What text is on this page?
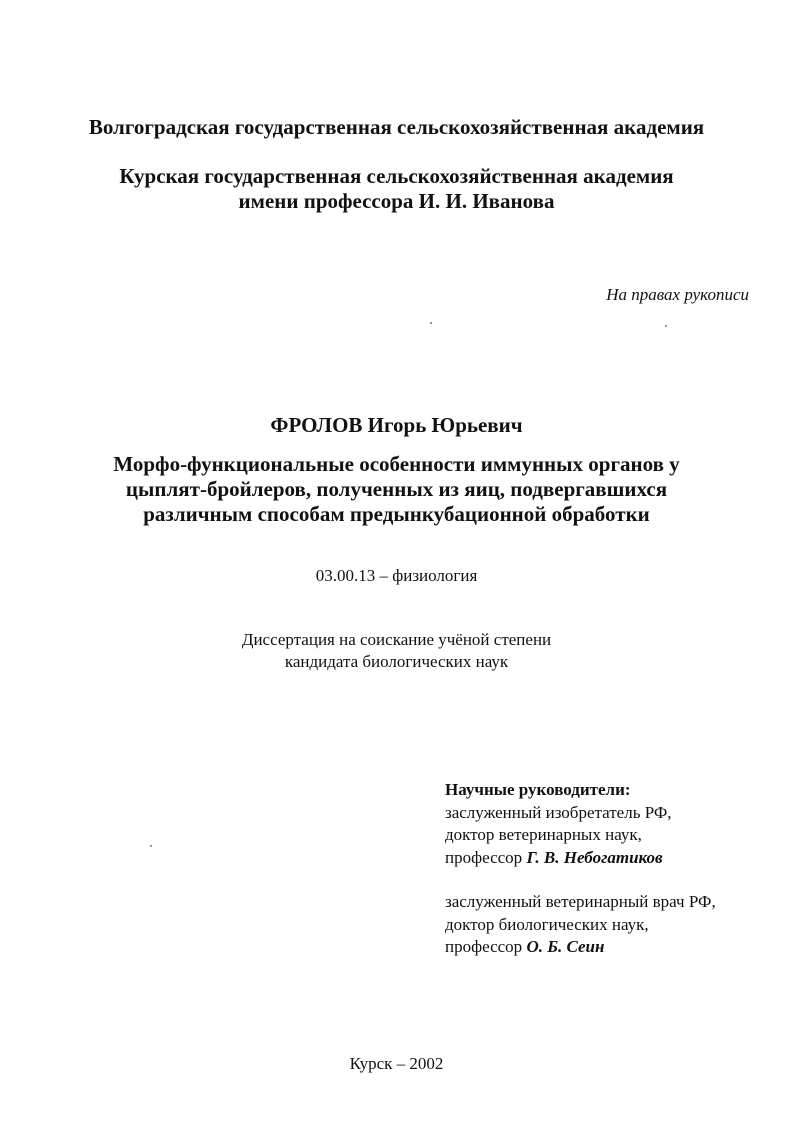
Волгоградская государственная сельскохозяйственная академия
Курская государственная сельскохозяйственная академия
имени профессора И. И. Иванова
На правах рукописи
ФРОЛОВ Игорь Юрьевич
Морфо-функциональные особенности иммунных органов у
цыплят-бройлеров, полученных из яиц, подвергавшихся
различным способам предынкубационной обработки
03.00.13 – физиология
Диссертация на соискание учёной степени
кандидата биологических наук
Научные руководители:
заслуженный изобретатель РФ,
доктор ветеринарных наук,
профессор Г. В. Небогатиков
заслуженный ветеринарный врач РФ,
доктор биологических наук,
профессор О. Б. Сеин
Курск – 2002
